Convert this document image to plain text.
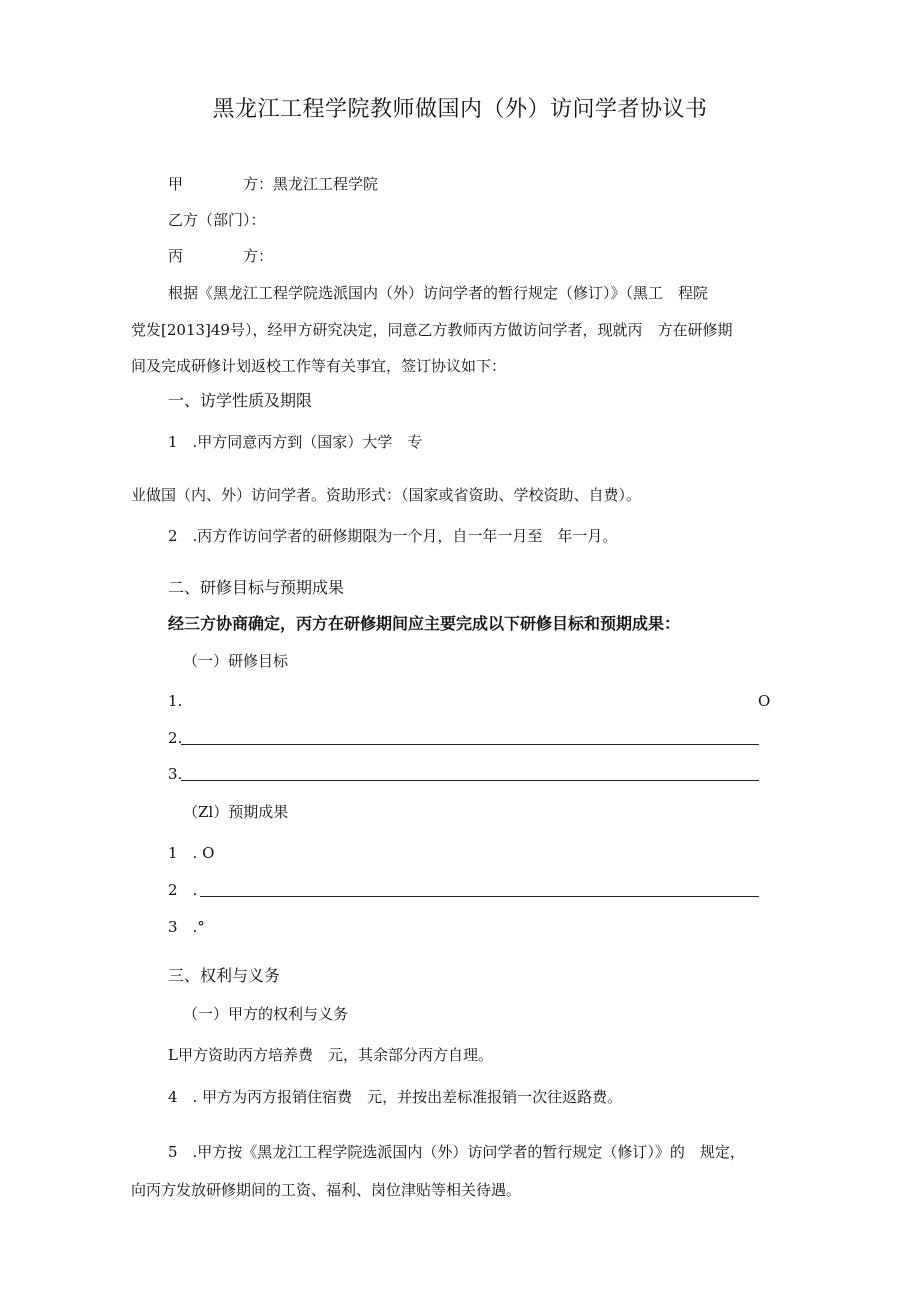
黑龙江工程学院教师做国内（外）访问学者协议书
甲	方：黑龙江工程学院
乙方（部门）：
丙	方：
根据《黑龙江工程学院选派国内（外）访问学者的暂行规定（修订）》（黑工　程院
党发[2013]49号），经甲方研究决定，同意乙方教师丙方做访问学者，现就丙　方在研修期
间及完成研修计划返校工作等有关事宜，签订协议如下：
一、访学性质及期限
1　.甲方同意丙方到（国家）大学　专
业做国（内、外）访问学者。资助形式：（国家或省资助、学校资助、自费）。
2　.丙方作访问学者的研修期限为一个月，自一年一月至　年一月。
二、研修目标与预期成果
经三方协商确定，丙方在研修期间应主要完成以下研修目标和预期成果：
（一）研修目标
1.	O
2.
3.
（Zl）预期成果
1　. O
2　.
3　.°
三、权利与义务
（一）甲方的权利与义务
L甲方资助丙方培养费　元，其余部分丙方自理。
4　. 甲方为丙方报销住宿费　元，并按出差标准报销一次往返路费。
5　.甲方按《黑龙江工程学院选派国内（外）访问学者的暂行规定（修订）》的　规定，
向丙方发放研修期间的工资、福利、岗位津贴等相关待遇。
